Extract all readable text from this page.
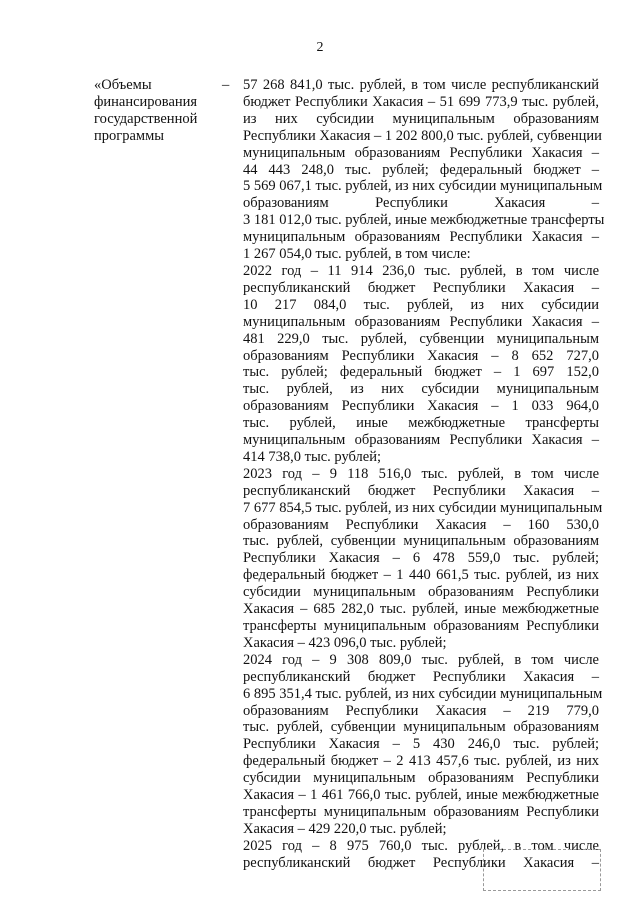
2
«Объемы
финансирования
государственной
программы
– 57 268 841,0 тыс. рублей, в том числе республиканский

бюджет Республики Хакасия – 51 699 773,9 тыс. рублей,

из них субсидии муниципальным образованиям

Республики Хакасия – 1 202 800,0 тыс. рублей, субвенции

муниципальным образованиям Республики Хакасия –

44 443 248,0 тыс. рублей; федеральный бюджет –

5 569 067,1 тыс. рублей, из них субсидии муниципальным

образованиям Республики Хакасия –

3 181 012,0 тыс. рублей, иные межбюджетные трансферты

муниципальным образованиям Республики Хакасия –

1 267 054,0 тыс. рублей, в том числе:

2022 год – 11 914 236,0 тыс. рублей, в том числе

республиканский бюджет Республики Хакасия –

10 217 084,0 тыс. рублей, из них субсидии

муниципальным образованиям Республики Хакасия –

481 229,0 тыс. рублей, субвенции муниципальным

образованиям Республики Хакасия – 8 652 727,0

тыс. рублей; федеральный бюджет – 1 697 152,0

тыс. рублей, из них субсидии муниципальным

образованиям Республики Хакасия – 1 033 964,0

тыс. рублей, иные межбюджетные трансферты

муниципальным образованиям Республики Хакасия –

414 738,0 тыс. рублей;

2023 год – 9 118 516,0 тыс. рублей, в том числе

республиканский бюджет Республики Хакасия –

7 677 854,5 тыс. рублей, из них субсидии муниципальным

образованиям Республики Хакасия – 160 530,0

тыс. рублей, субвенции муниципальным образованиям

Республики Хакасия – 6 478 559,0 тыс. рублей;

федеральный бюджет – 1 440 661,5 тыс. рублей, из них

субсидии муниципальным образованиям Республики

Хакасия – 685 282,0 тыс. рублей, иные межбюджетные

трансферты муниципальным образованиям Республики

Хакасия – 423 096,0 тыс. рублей;

2024 год – 9 308 809,0 тыс. рублей, в том числе

республиканский бюджет Республики Хакасия –

6 895 351,4 тыс. рублей, из них субсидии муниципальным

образованиям Республики Хакасия – 219 779,0

тыс. рублей, субвенции муниципальным образованиям

Республики Хакасия – 5 430 246,0 тыс. рублей;

федеральный бюджет – 2 413 457,6 тыс. рублей, из них

субсидии муниципальным образованиям Республики

Хакасия – 1 461 766,0 тыс. рублей, иные межбюджетные

трансферты муниципальным образованиям Республики

Хакасия – 429 220,0 тыс. рублей;

2025 год – 8 975 760,0 тыс. рублей, в том числе

республиканский бюджет Республики Хакасия –
